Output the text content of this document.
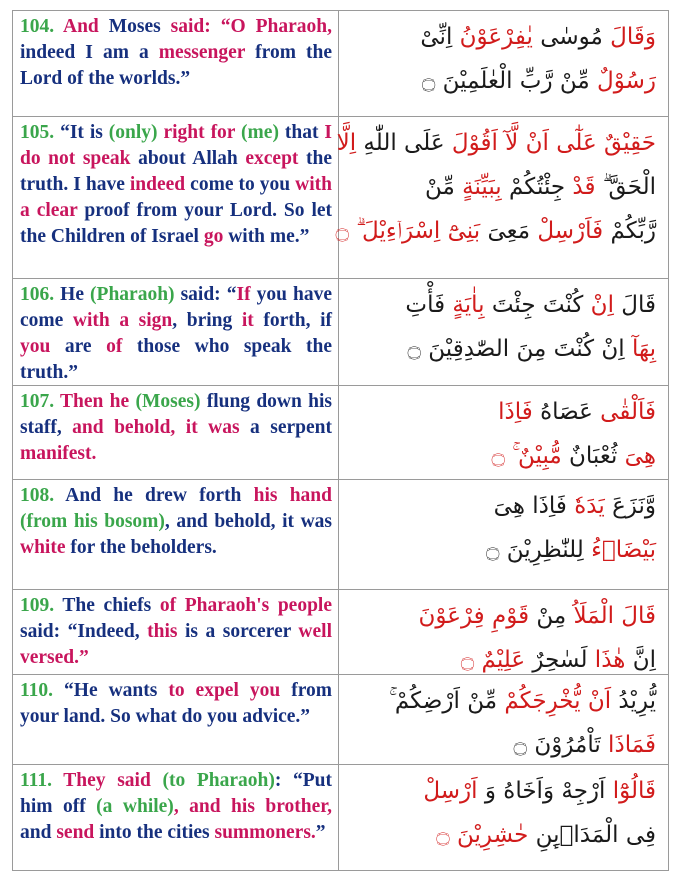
104. And Moses said: “O Pharaoh, indeed I am a messenger from the Lord of the worlds.”
وَقَالَ مُوسٰى يٰفِرْعَوْنُ اِنِّىْ
رَسُوْلٌ مِّنْ رَّبِّ الْعٰلَمِيْنَ ۝
105. “It is (only) right for (me) that I do not speak about Allah except the truth. I have indeed come to you with a clear proof from your Lord. So let the Children of Israel go with me.”
حَقِيْقٌ عَلٰٓى اَنْ لَّآ اَقُوْلَ عَلَى اللّٰهِ اِلَّا
الْحَقَّ ۗ قَدْ جِئْتُكُمْ بِبَيِّنَةٍ مِّنْ
رَّبِّكُمْ فَاَرْسِلْ مَعِىَ بَنِىْٓ اِسْرَاۤءِيْلَ ۗ ۝
106. He (Pharaoh) said: “If you have come with a sign, bring it forth, if you are of those who speak the truth.”
قَالَ اِنْ كُنْتَ جِئْتَ بِاٰيَةٍ فَأْتِ
بِهَآ اِنْ كُنْتَ مِنَ الصّٰدِقِيْنَ ۝
107. Then he (Moses) flung down his staff, and behold, it was a serpent manifest.
فَاَلْقٰى عَصَاهُ فَاِذَا
هِىَ ثُعْبَانٌ مُّبِيْنٌ ۚ ۝
108. And he drew forth his hand (from his bosom), and behold, it was white for the beholders.
وَّنَزَعَ يَدَهٗ فَاِذَا هِىَ
بَيْضَاۤءُ لِلنّٰظِرِيْنَ ۝
109. The chiefs of Pharaoh's people said: “Indeed, this is a sorcerer well versed.”
قَالَ الْمَلَاُ مِنْ قَوْمِ فِرْعَوْنَ
اِنَّ هٰذَا لَسٰحِرٌ عَلِيْمٌ ۝
110. “He wants to expel you from your land. So what do you advice.”
يُّرِيْدُ اَنْ يُّخْرِجَكُمْ مِّنْ اَرْضِكُمْ ۚ
فَمَاذَا تَاْمُرُوْنَ ۝
111. They said (to Pharaoh): “Put him off (a while), and his brother, and send into the cities summoners.”
قَالُوْٓا اَرْجِهْ وَاَخَاهُ وَ اَرْسِلْ
فِى الْمَدَاۤىِٕنِ حٰشِرِيْنَ ۝
